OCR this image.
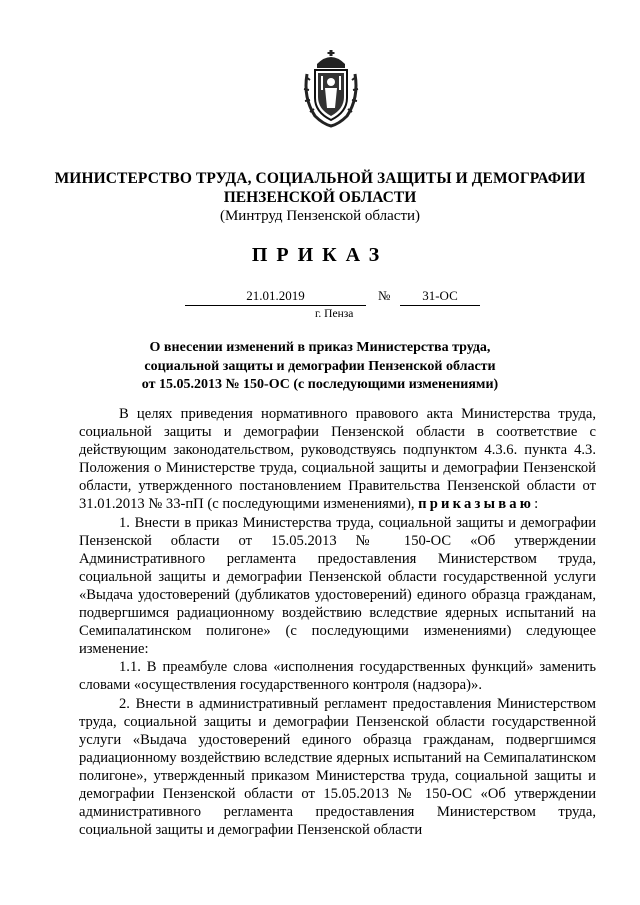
МИНИСТЕРСТВО ТРУДА, СОЦИАЛЬНОЙ ЗАЩИТЫ И ДЕМОГРАФИИ
ПЕНЗЕНСКОЙ ОБЛАСТИ
(Минтруд Пензенской области)
ПРИКАЗ
21.01.2019	№	31-ОС
г. Пенза
О внесении изменений в приказ Министерства труда,
социальной защиты и демографии Пензенской области
от 15.05.2013 № 150-ОС (с последующими изменениями)

В целях приведения нормативного правового акта Министерства труда, социальной защиты и демографии Пензенской области в соответствие с действующим законодательством, руководствуясь подпунктом 4.3.6. пункта 4.3. Положения о Министерстве труда, социальной защиты и демографии Пензенской области, утвержденного постановлением Правительства Пензенской области от 31.01.2013 № 33-пП (с последующими изменениями), приказываю:

1. Внести в приказ Министерства труда, социальной защиты и демографии Пензенской области от 15.05.2013 № 150-ОС «Об утверждении Административного регламента предоставления Министерством труда, социальной защиты и демографии Пензенской области государственной услуги «Выдача удостоверений (дубликатов удостоверений) единого образца гражданам, подвергшимся радиационному воздействию вследствие ядерных испытаний на Семипалатинском полигоне» (с последующими изменениями) следующее изменение:

1.1. В преамбуле слова «исполнения государственных функций» заменить словами «осуществления государственного контроля (надзора)».

2. Внести в административный регламент предоставления Министерством труда, социальной защиты и демографии Пензенской области государственной услуги «Выдача удостоверений единого образца гражданам, подвергшимся радиационному воздействию вследствие ядерных испытаний на Семипалатинском полигоне», утвержденный приказом Министерства труда, социальной защиты и демографии Пензенской области от 15.05.2013 № 150-ОС «Об утверждении административного регламента предоставления Министерством труда, социальной защиты и демографии Пензенской области
